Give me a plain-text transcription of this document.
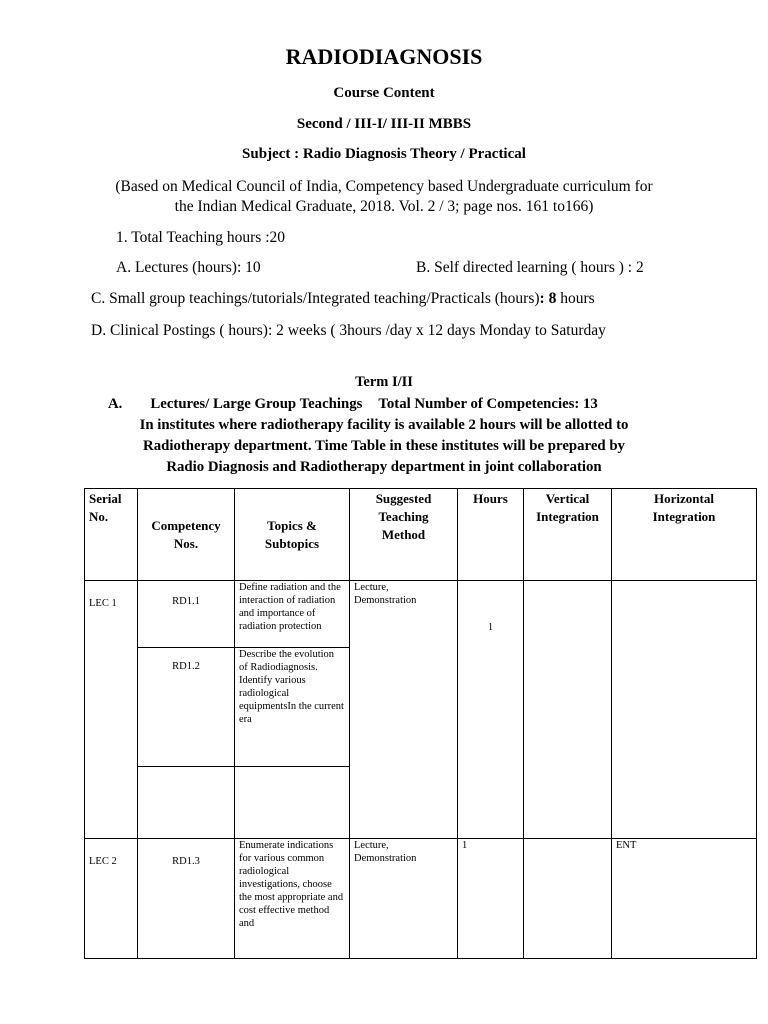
RADIODIAGNOSIS
Course Content
Second / III-I/ III-II MBBS
Subject : Radio Diagnosis Theory / Practical
(Based on Medical Council of India, Competency based Undergraduate curriculum for
the Indian Medical Graduate, 2018. Vol. 2 / 3; page nos. 161 to166)
1. Total Teaching hours :20
A. Lectures (hours): 10	B. Self directed learning ( hours ) : 2
C. Small group teachings/tutorials/Integrated teaching/Practicals (hours): 8 hours
D. Clinical Postings ( hours): 2 weeks ( 3hours /day x 12 days Monday to Saturday
Term I/II
A. Lectures/ Large Group Teachings Total Number of Competencies: 13
In institutes where radiotherapy facility is available 2 hours will be allotted to
Radiotherapy department. Time Table in these institutes will be prepared by
Radio Diagnosis and Radiotherapy department in joint collaboration
Serial No.	Competency Nos.	Topics & Subtopics	Suggested Teaching Method	Hours	Vertical Integration	Horizontal Integration
LEC 1	RD1.1	Define radiation and the interaction of radiation and importance of radiation protection	Lecture, Demonstration	1		
	RD1.2	Describe the evolution of Radiodiagnosis. Identify various radiological equipmentsIn the current era				

LEC 2	RD1.3	Enumerate indications for various common radiological investigations, choose the most appropriate and cost effective method and	Lecture, Demonstration	1		ENT
